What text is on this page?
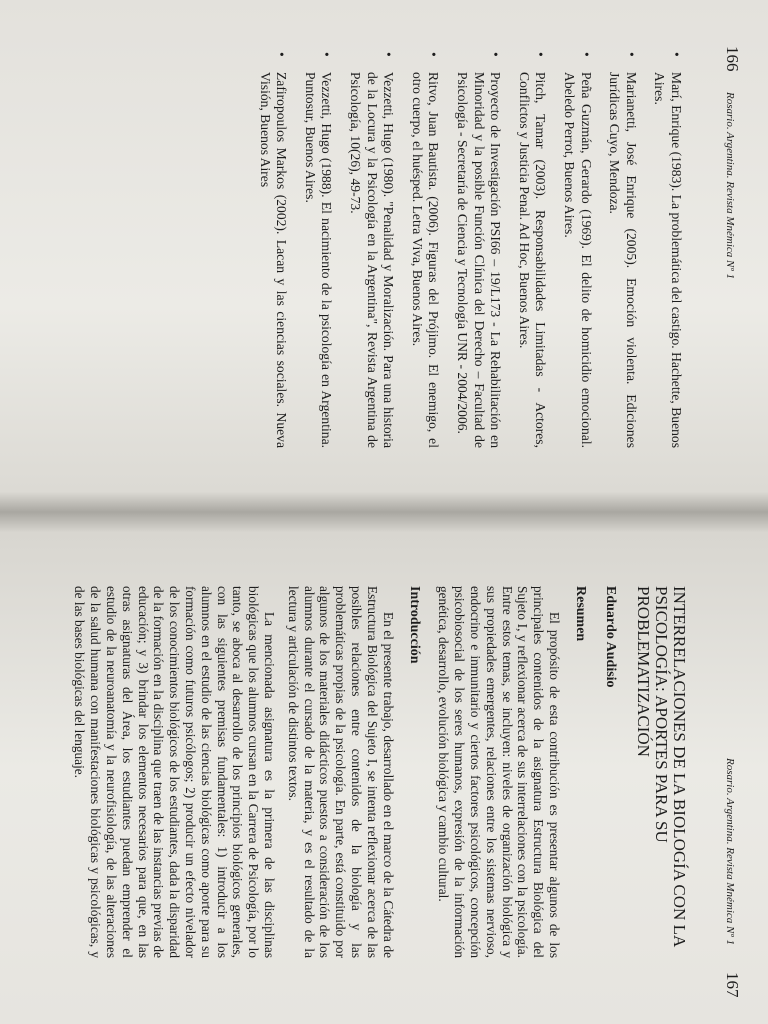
166
Rosario. Argentina. Revista Mnémica Nº 1
•
Marí, Enrique (1983). La problemática del castigo. Hachette, Buenos Aires.
•
Marianetti, José Enrique (2005). Emoción violenta. Ediciones Jurídicas Cuyo, Mendoza.
•
Peña Guzmán, Gerardo (1969). El delito de homicidio emocional. Abeledo Perrot, Buenos Aires.
•
Pitch, Tamar (2003). Responsabilidades Limitadas - Actores, Conflictos y Justicia Penal. Ad Hoc, Buenos Aires.
•
Proyecto de Investigación PSI66 – 19/L173 - La Rehabilitación en Minoridad y la posible Función Clínica del Derecho – Facultad de Psicología - Secretaría de Ciencia y Tecnología UNR - 2004/2006.
•
Ritvo, Juan Bautista. (2006). Figuras del Prójimo. El enemigo, el otro cuerpo, el huésped. Letra Viva, Buenos Aires.
•
Vezzetti, Hugo (1980). "Penalidad y Moralización. Para una historia de la Locura y la Psicología en la Argentina", Revista Argentina de Psicología, 10(26), 49-73.
•
Vezzetti, Hugo (1988). El nacimiento de la psicología en Argentina. Puntosur, Buenos Aires.
•
Zafiropoulos Markos (2002). Lacan y las ciencias sociales. Nueva Visión, Buenos Aires
Rosario. Argentina. Revista Mnémica Nº 1
167
INTERRELACIONES DE LA BIOLOGÍA CON LA PSICOLOGÍA: APORTES PARA SU PROBLEMATIZACIÓN
Eduardo Audisio
Resumen

El propósito de esta contribución es presentar algunos de los principales contenidos de la asignatura Estructura Biológica del Sujeto I, y reflexionar acerca de sus interrelaciones con la psicología. Entre estos temas, se incluyen: niveles de organización biológica y sus propiedades emergentes, relaciones entre los sistemas nervioso, endocrino e inmunitario y ciertos factores psicológicos, concepción psicobiosocial de los seres humanos, expresión de la información genética, desarrollo, evolución biológica y cambio cultural.

Introducción

En el presente trabajo, desarrollado en el marco de la Cátedra de Estructura Biológica del Sujeto I, se intenta reflexionar acerca de las posibles relaciones entre contenidos de la biología y las problemáticas propias de la psicología. En parte, está constituido por algunos de los materiales didácticos puestos a consideración de los alumnos durante el cursado de la materia, y es el resultado de la lectura y articulación de distintos textos.

La mencionada asignatura es la primera de las disciplinas biológicas que los alumnos cursan en la Carrera de Psicología, por lo tanto, se aboca al desarrollo de los principios biológicos generales, con las siguientes premisas fundamentales: 1) introducir a los alumnos en el estudio de las ciencias biológicas como aporte para su formación como futuros psicólogos; 2) producir un efecto nivelador de los conocimientos biológicos de los estudiantes, dada la disparidad de la formación en la disciplina que traen de las instancias previas de educación; y 3) brindar los elementos necesarios para que, en las otras asignaturas del Área, los estudiantes puedan emprender el estudio de la neuroanatomía y la neurofisiología, de las alteraciones de la salud humana con manifestaciones biológicas y psicológicas, y de las bases biológicas del lenguaje.
